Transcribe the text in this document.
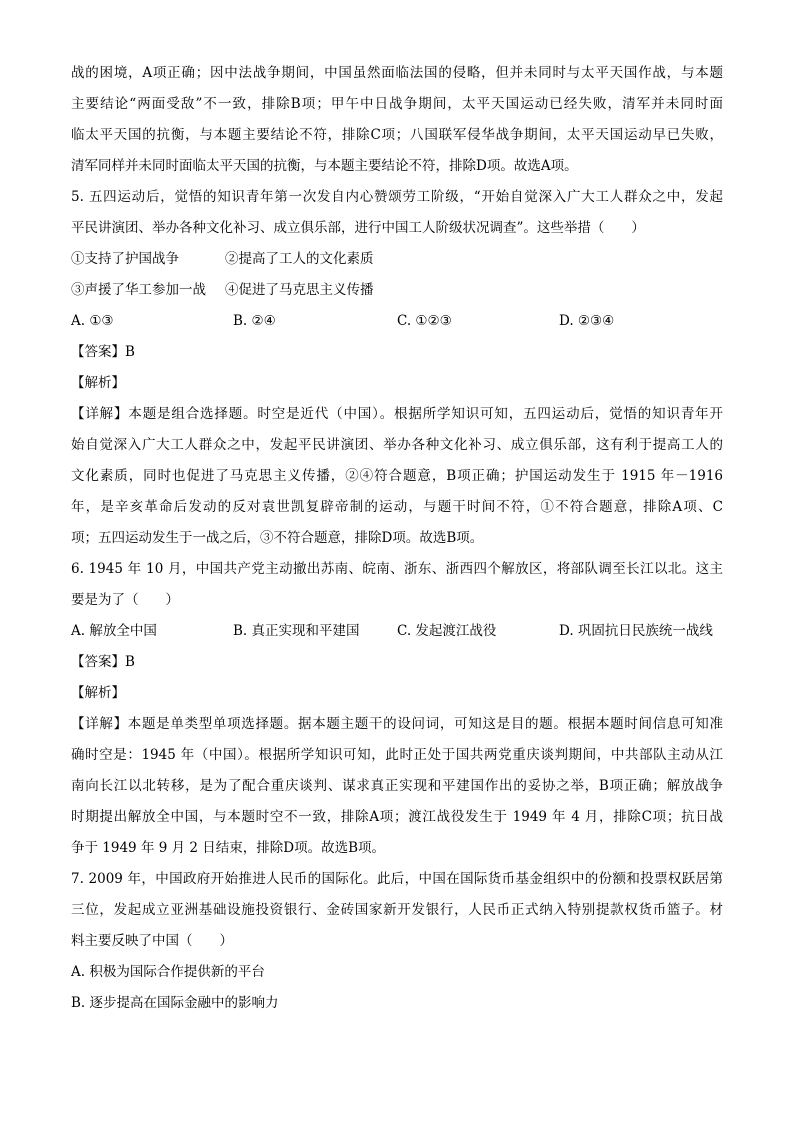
战的困境，A项正确；因中法战争期间，中国虽然面临法国的侵略，但并未同时与太平天国作战，与本题
主要结论“两面受敌”不一致，排除B项；甲午中日战争期间，太平天国运动已经失败，清军并未同时面
临太平天国的抗衡，与本题主要结论不符，排除C项；八国联军侵华战争期间，太平天国运动早已失败，
清军同样并未同时面临太平天国的抗衡，与本题主要结论不符，排除D项。故选A项。
5. 五四运动后，觉悟的知识青年第一次发自内心赞颂劳工阶级，“开始自觉深入广大工人群众之中，发起
平民讲演团、举办各种文化补习、成立俱乐部，进行中国工人阶级状况调查”。这些举措（　　）
①支持了护国战争	②提高了工人的文化素质
③声援了华工参加一战 ④促进了马克思主义传播
A. ①③	B. ②④	C. ①②③	D. ②③④
【答案】B
【解析】
【详解】本题是组合选择题。时空是近代（中国）。根据所学知识可知，五四运动后，觉悟的知识青年开
始自觉深入广大工人群众之中，发起平民讲演团、举办各种文化补习、成立俱乐部，这有利于提高工人的
文化素质，同时也促进了马克思主义传播，②④符合题意，B项正确；护国运动发生于 1915 年－1916
年，是辛亥革命后发动的反对袁世凯复辟帝制的运动，与题干时间不符，①不符合题意，排除A项、C
项；五四运动发生于一战之后，③不符合题意，排除D项。故选B项。
6. 1945 年 10 月，中国共产党主动撤出苏南、皖南、浙东、浙西四个解放区，将部队调至长江以北。这主
要是为了（　　）
A. 解放全中国	B. 真正实现和平建国	C. 发起渡江战役	D. 巩固抗日民族统一战线
【答案】B
【解析】
【详解】本题是单类型单项选择题。据本题主题干的设问词，可知这是目的题。根据本题时间信息可知准
确时空是：1945 年（中国）。根据所学知识可知，此时正处于国共两党重庆谈判期间，中共部队主动从江
南向长江以北转移，是为了配合重庆谈判、谋求真正实现和平建国作出的妥协之举，B项正确；解放战争
时期提出解放全中国，与本题时空不一致，排除A项；渡江战役发生于 1949 年 4 月，排除C项；抗日战
争于 1949 年 9 月 2 日结束，排除D项。故选B项。
7. 2009 年，中国政府开始推进人民币的国际化。此后，中国在国际货币基金组织中的份额和投票权跃居第
三位，发起成立亚洲基础设施投资银行、金砖国家新开发银行，人民币正式纳入特别提款权货币篮子。材
料主要反映了中国（　　）
A. 积极为国际合作提供新的平台
B. 逐步提高在国际金融中的影响力
